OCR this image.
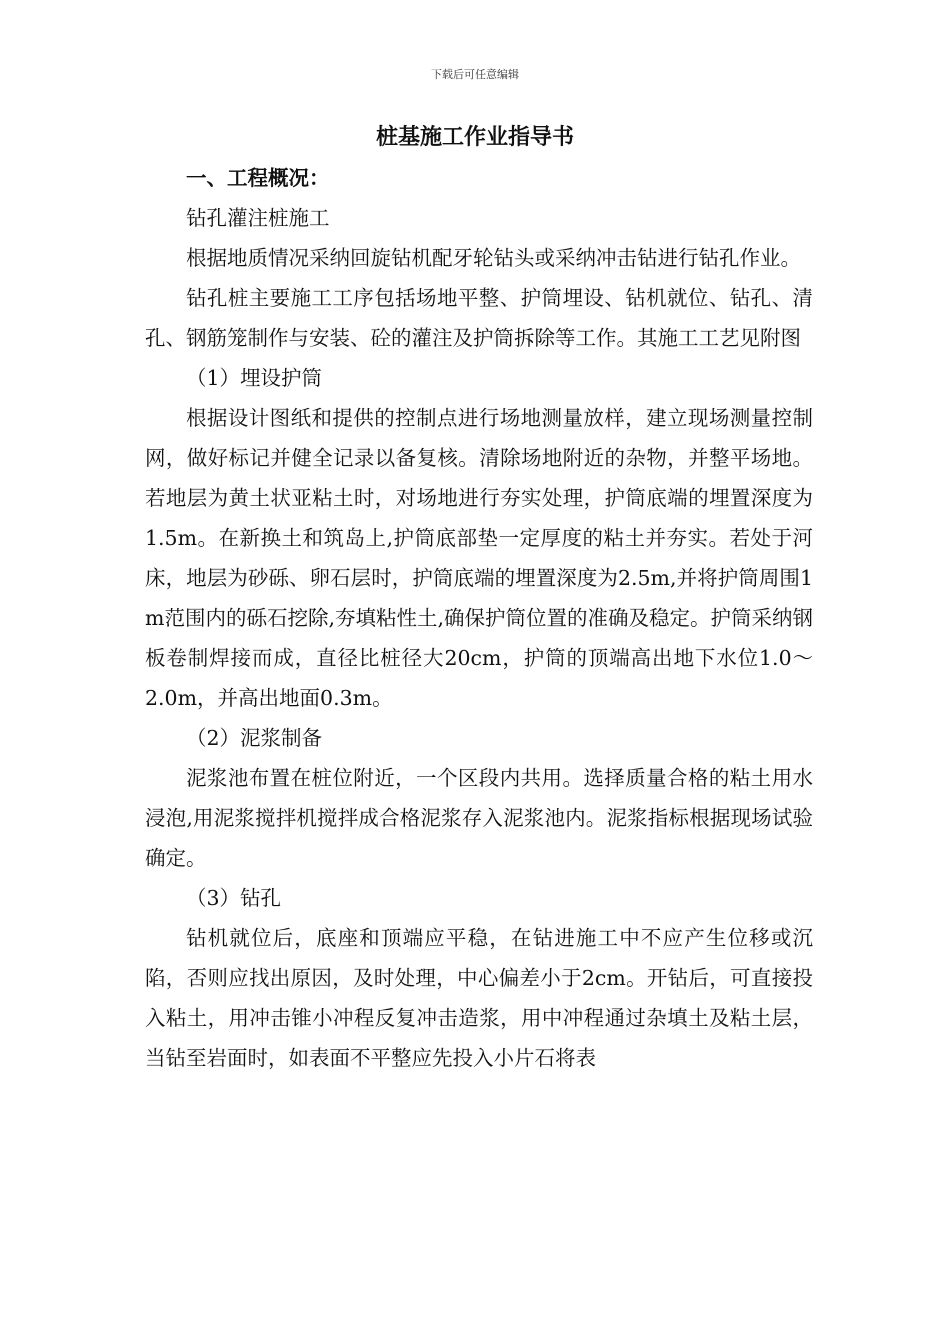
下载后可任意编辑
桩基施工作业指导书

一、工程概况：

钻孔灌注桩施工

根据地质情况采纳回旋钻机配牙轮钻头或采纳冲击钻进行钻孔作业。

钻孔桩主要施工工序包括场地平整、护筒埋设、钻机就位、钻孔、清孔、钢筋笼制作与安装、砼的灌注及护筒拆除等工作。其施工工艺见附图

（1）埋设护筒

根据设计图纸和提供的控制点进行场地测量放样，建立现场测量控制网，做好标记并健全记录以备复核。清除场地附近的杂物，并整平场地。若地层为黄土状亚粘土时，对场地进行夯实处理，护筒底端的埋置深度为1.5m。在新换土和筑岛上,护筒底部垫一定厚度的粘土并夯实。若处于河床，地层为砂砾、卵石层时，护筒底端的埋置深度为2.5m,并将护筒周围1 m范围内的砾石挖除,夯填粘性土,确保护筒位置的准确及稳定。护筒采纳钢板卷制焊接而成，直径比桩径大20cm，护筒的顶端高出地下水位1.0～2.0m，并高出地面0.3m。

（2）泥浆制备

泥浆池布置在桩位附近，一个区段内共用。选择质量合格的粘土用水浸泡,用泥浆搅拌机搅拌成合格泥浆存入泥浆池内。泥浆指标根据现场试验确定。

（3）钻孔

钻机就位后，底座和顶端应平稳，在钻进施工中不应产生位移或沉陷，否则应找出原因，及时处理，中心偏差小于2cm。开钻后，可直接投入粘土，用冲击锥小冲程反复冲击造浆，用中冲程通过杂填土及粘土层，当钻至岩面时，如表面不平整应先投入小片石将表
